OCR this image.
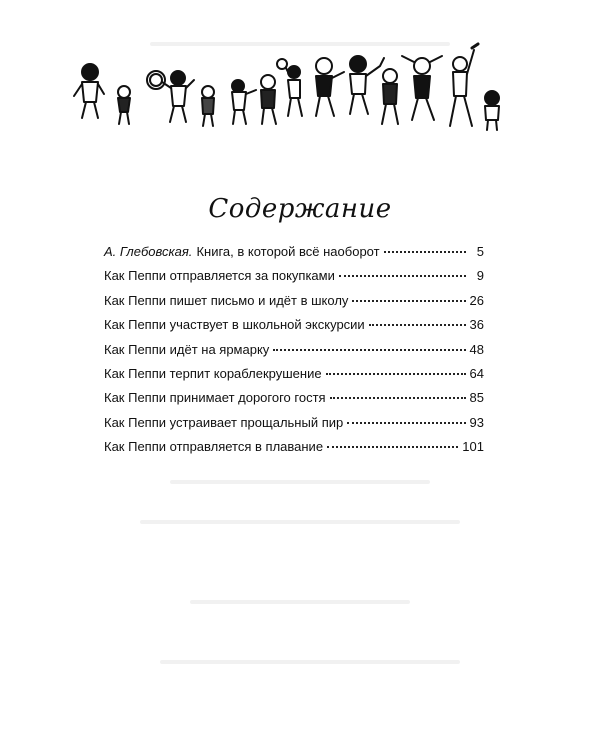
Содержание
А. Глебовская. Книга, в которой всё наоборот	5
Как Пеппи отправляется за покупками	9
Как Пеппи пишет письмо и идёт в школу	26
Как Пеппи участвует в школьной экскурсии	36
Как Пеппи идёт на ярмарку	48
Как Пеппи терпит кораблекрушение	64
Как Пеппи принимает дорогого гостя	85
Как Пеппи устраивает прощальный пир	93
Как Пеппи отправляется в плавание	101
